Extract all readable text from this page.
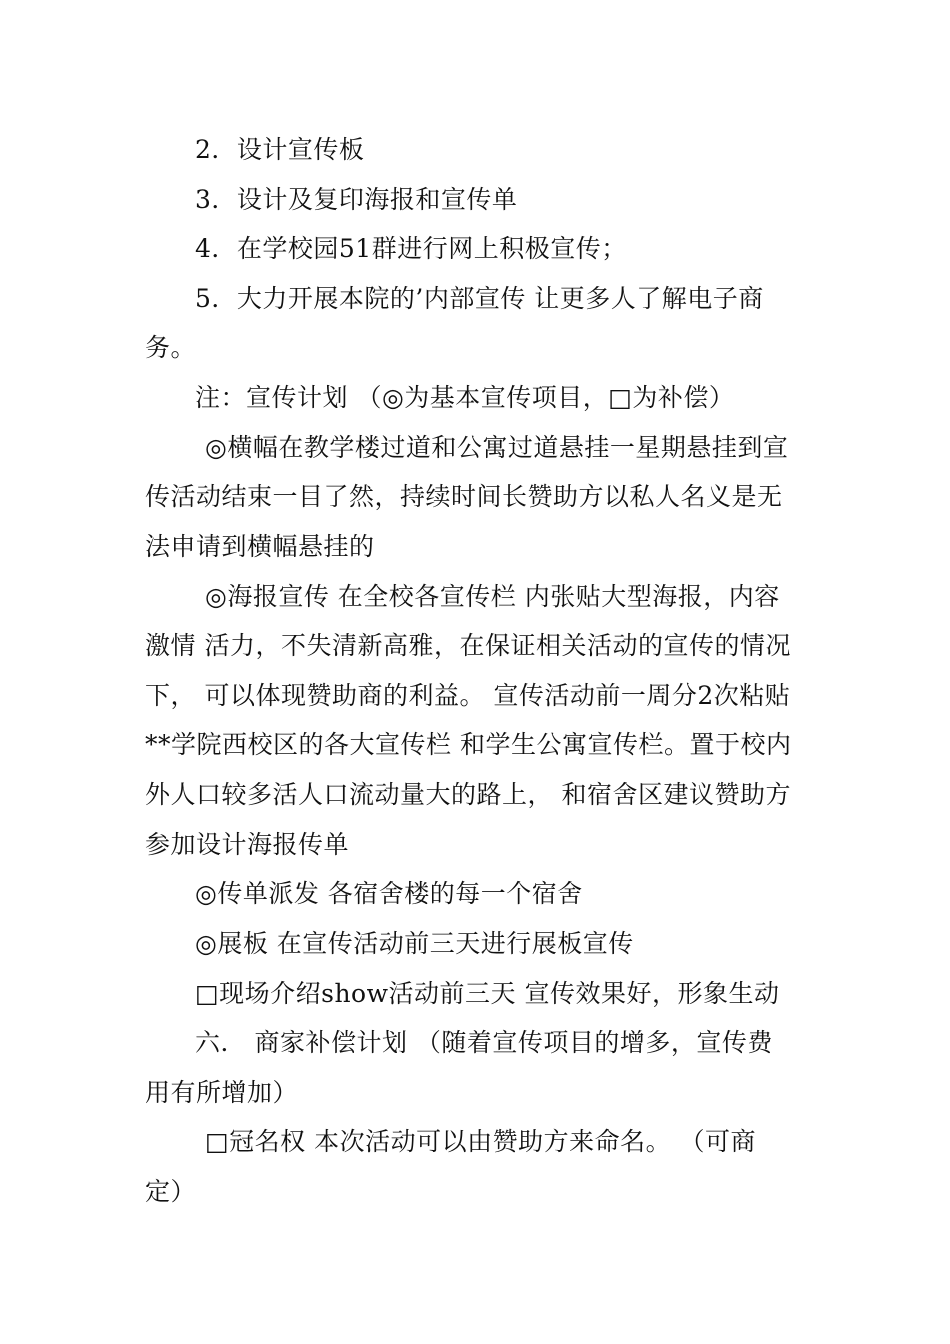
2．设计宣传板
3．设计及复印海报和宣传单
4．在学校园51群进行网上积极宣传；
5．大力开展本院的’内部宣传 让更多人了解电子商
务。
注：宣传计划 （◎为基本宣传项目，□为补偿）
◎横幅在教学楼过道和公寓过道悬挂一星期悬挂到宣
传活动结束一目了然，持续时间长赞助方以私人名义是无
法申请到横幅悬挂的
◎海报宣传 在全校各宣传栏 内张贴大型海报，内容
激情 活力，不失清新高雅，在保证相关活动的宣传的情况
下， 可以体现赞助商的利益。 宣传活动前一周分2次粘贴
**学院西校区的各大宣传栏 和学生公寓宣传栏。置于校内
外人口较多活人口流动量大的路上， 和宿舍区建议赞助方
参加设计海报传单
◎传单派发 各宿舍楼的每一个宿舍
◎展板 在宣传活动前三天进行展板宣传
□现场介绍show活动前三天 宣传效果好，形象生动
六． 商家补偿计划 （随着宣传项目的增多，宣传费
用有所增加）
□冠名权 本次活动可以由赞助方来命名。 （可商
定）
